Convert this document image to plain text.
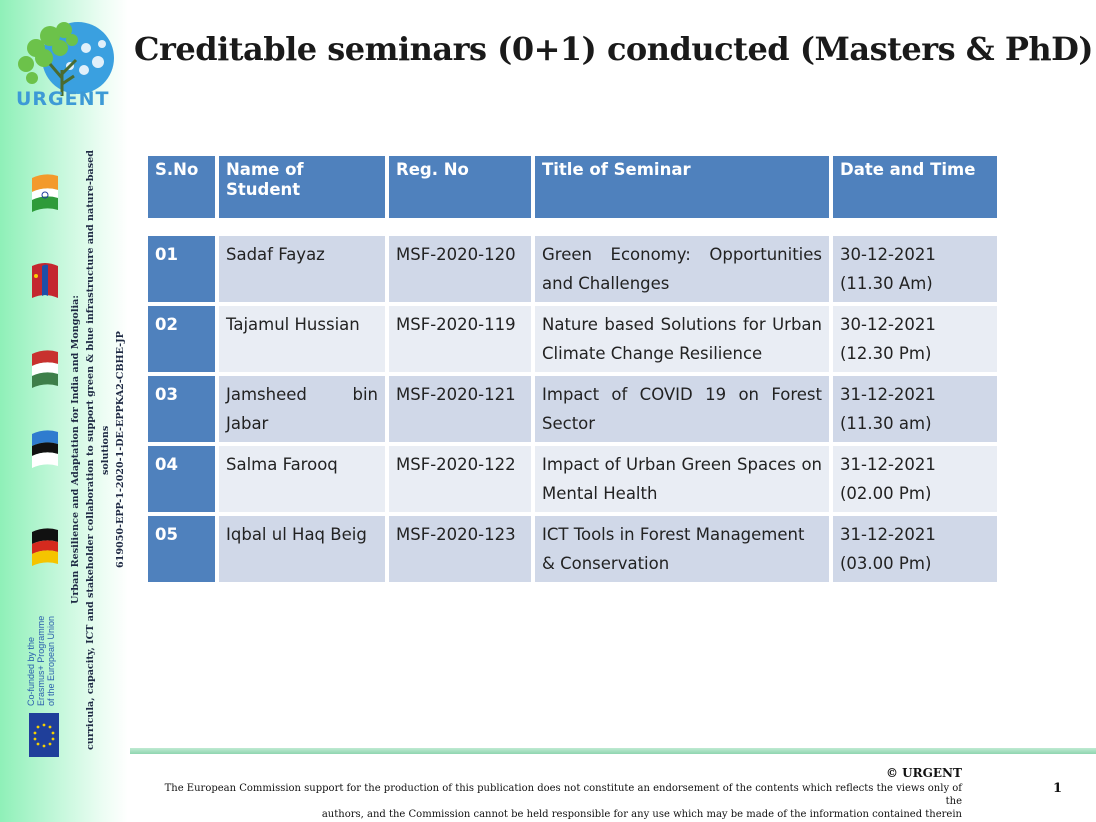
URGENT
Urban Resilience and Adaptation for India and Mongolia: curricula, capacity, ICT and stakeholder collaboration to support green & blue infrastructure and nature-based solutions 619050-EPP-1-2020-1-DE-EPPKA2-CBHE-JP
Co-funded by the Erasmus+ Programme of the European Union
Creditable seminars (0+1) conducted (Masters & PhD)
S.No	Name of Student	Reg. No	Title of Seminar	Date and Time

01	Sadaf Fayaz	MSF-2020-120	Green Economy: Opportunities and Challenges	30-12-2021
(11.30 Am)

02	Tajamul Hussian	MSF-2020-119	Nature based Solutions for Urban Climate Change Resilience	30-12-2021
(12.30 Pm)

03	Jamsheed bin Jabar	MSF-2020-121	Impact of COVID 19 on Forest Sector	31-12-2021
(11.30 am)

04	Salma Farooq	MSF-2020-122	Impact of Urban Green Spaces on Mental Health	31-12-2021
(02.00 Pm)

05	Iqbal ul Haq Beig	MSF-2020-123	ICT Tools in Forest Management & Conservation	31-12-2021
(03.00 Pm)
© URGENT
The European Commission support for the production of this publication does not constitute an endorsement of the contents which reflects the views only of the
authors, and the Commission cannot be held responsible for any use which may be made of the information contained therein
1
